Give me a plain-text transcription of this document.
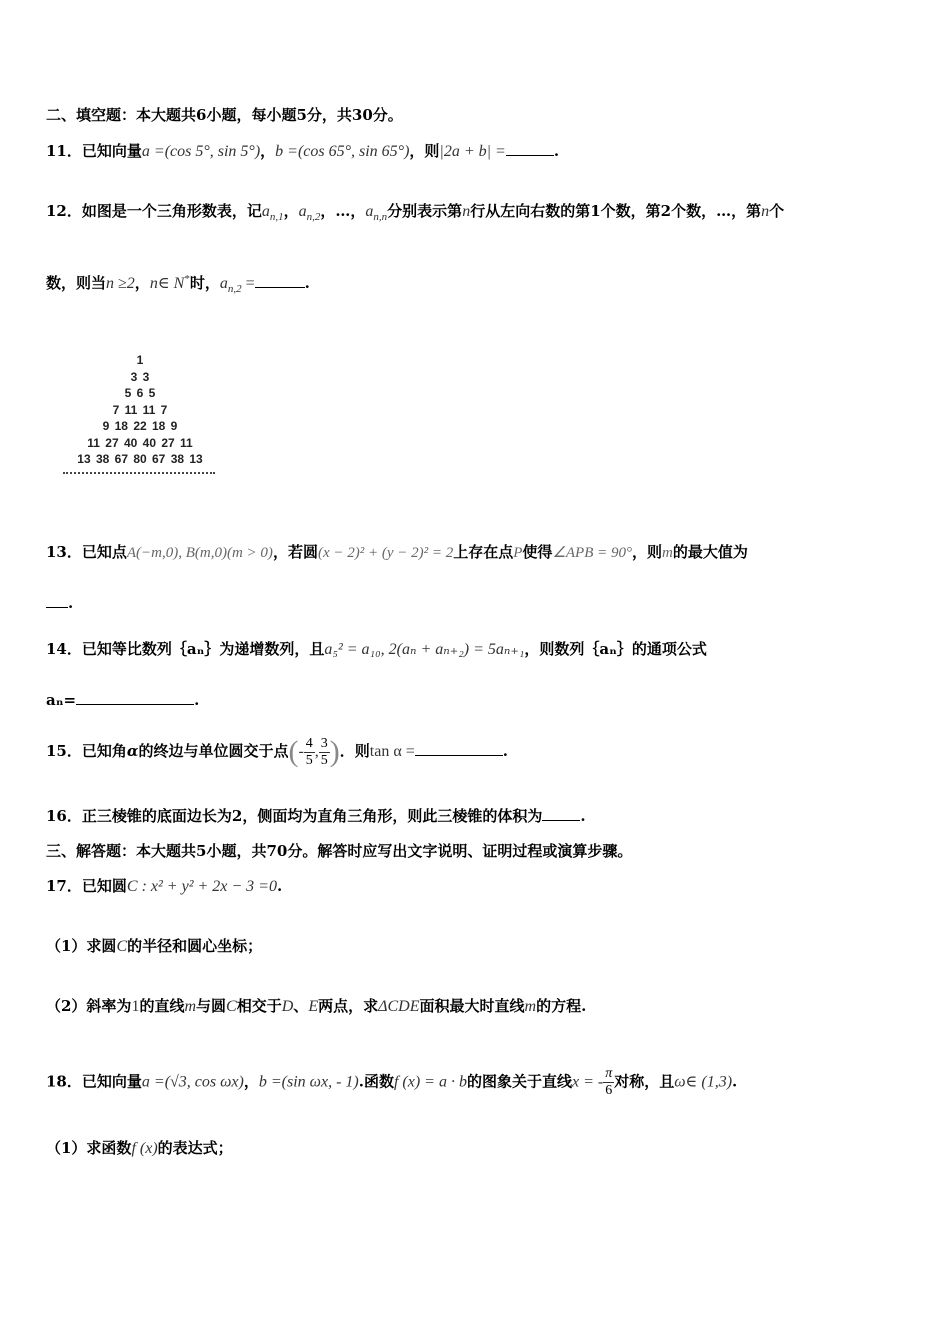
二、填空题：本大题共6小题，每小题5分，共30分。
11．已知向量a =(cos 5°, sin 5°)，b =(cos 65°, sin 65°)，则|2a + b| =	.
12．如图是一个三角形数表，记$a_{n,1}$，$a_{n,2}$，…，$a_{n,n}$分别表示第n行从左向右数的第1个数，第2个数，…，第n个
数，则当n ≥2，n∈ N*时，$a_{n,2}$ =	.
1
3 3
5 6 5
7 11 11 7
9 18 22 18 9
11 27 40 40 27 11
13 38 67 80 67 38 13
13．已知点A(−m,0), B(m,0)(m > 0)，若圆(x − 2)² + (y − 2)² = 2上存在点P使得∠APB = 90°，则m的最大值为
.
14．已知等比数列｛aₙ｝为递增数列，且a₅² = a₁₀, 2(aₙ + aₙ₊₂) = 5aₙ₊₁，则数列｛aₙ｝的通项公式
aₙ=	.
15．已知角α的终边与单位圆交于点(- $\frac{4}{5}$ , $\frac{3}{5}$ )．则tan α =	.
16．正三棱锥的底面边长为2，侧面均为直角三角形，则此三棱锥的体积为	.
三、解答题：本大题共5小题，共70分。解答时应写出文字说明、证明过程或演算步骤。
17．已知圆C : x² + y² + 2x − 3 =0.
（1）求圆C的半径和圆心坐标；
（2）斜率为1的直线m与圆C相交于D、E两点，求ΔCDE面积最大时直线m的方程.
18．已知向量a =(√3, cos ωx)，b =(sin ωx, - 1).函数f (x) = a · b的图象关于直线x = - $\frac{\pi}{6}$ 对称，且ω∈ (1,3).
（1）求函数f (x)的表达式；
